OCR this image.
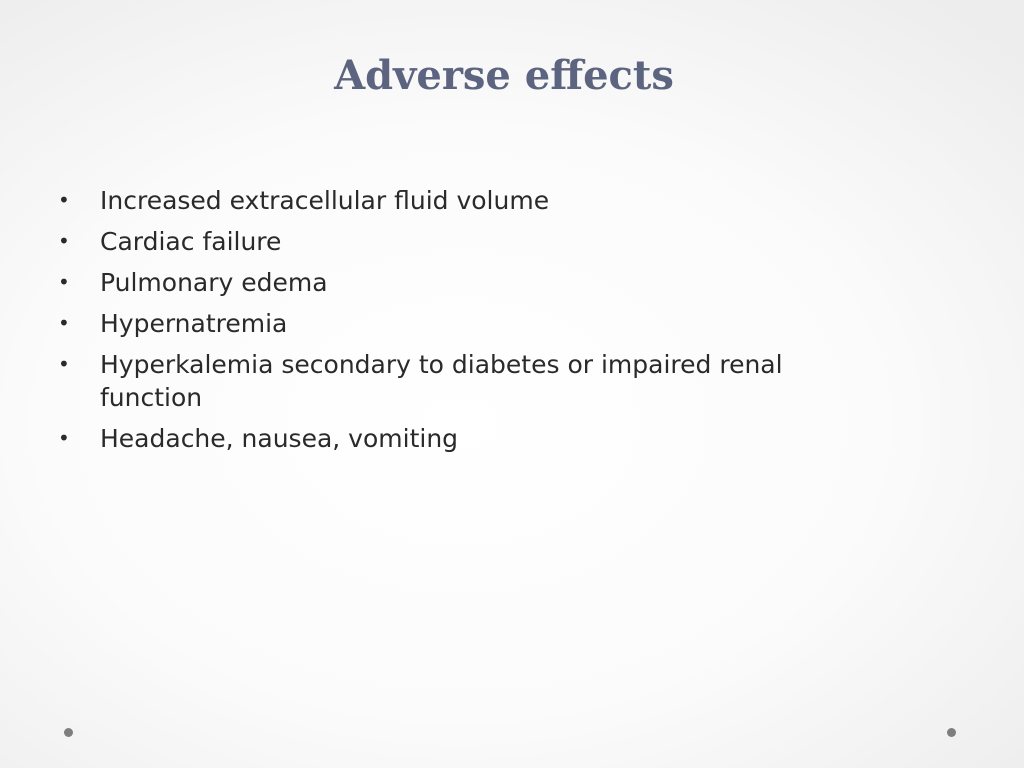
Adverse effects
• Increased extracellular fluid volume
• Cardiac failure
• Pulmonary edema
• Hypernatremia
• Hyperkalemia secondary to diabetes or impaired renal function
• Headache, nausea, vomiting
